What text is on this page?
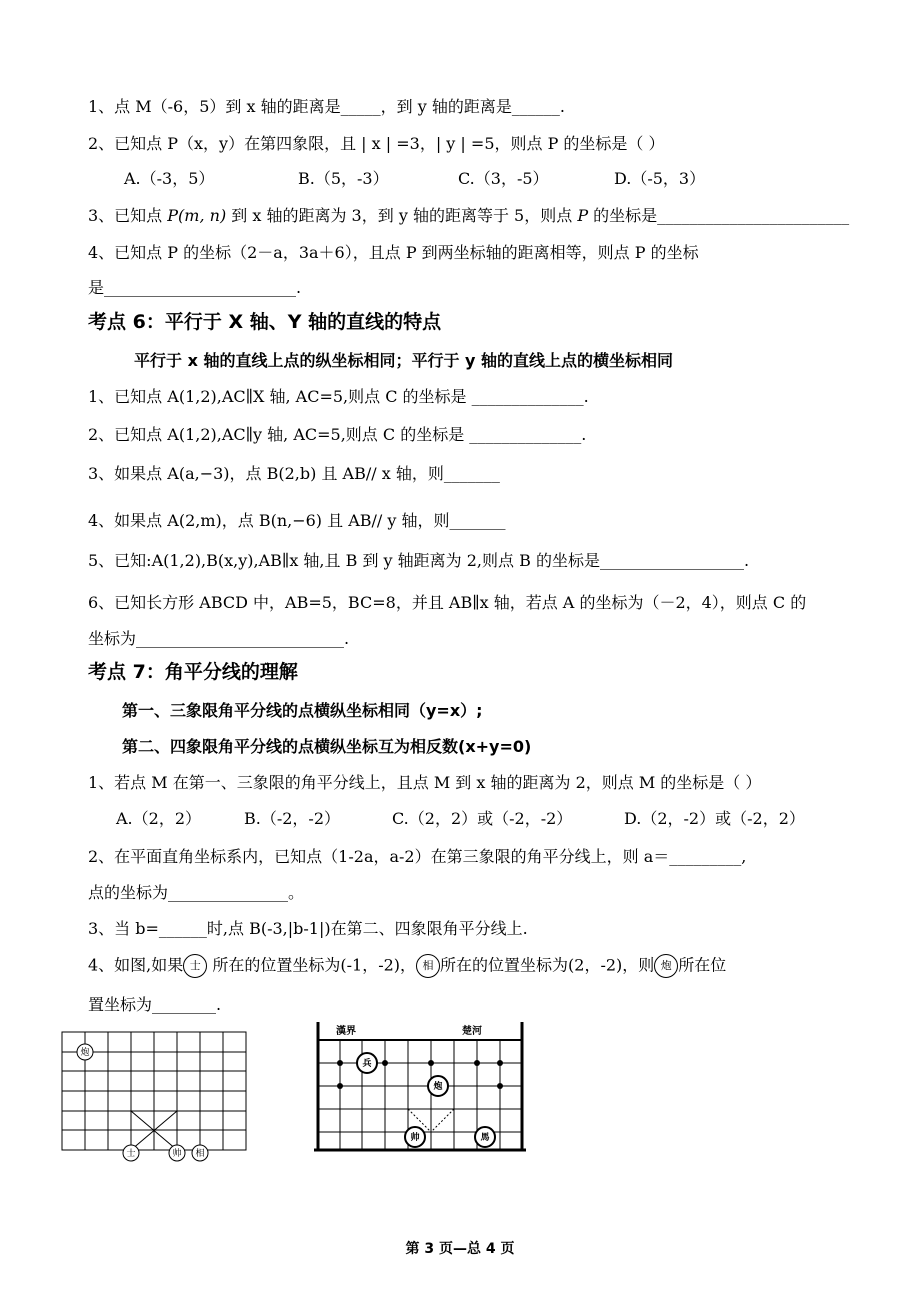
1、点 M（-6，5）到 x 轴的距离是_____，到 y 轴的距离是______.
2、已知点 P（x，y）在第四象限，且 | x | =3，| y | =5，则点 P 的坐标是（ ）
A.（-3，5）	B.（5，-3）	C.（3，-5）	D.（-5，3）
3、已知点 P(m, n) 到 x 轴的距离为 3，到 y 轴的距离等于 5，则点 P 的坐标是________________________
4、已知点 P 的坐标（2－a，3a＋6），且点 P 到两坐标轴的距离相等，则点 P 的坐标
是________________________.
考点 6：平行于 X 轴、Y 轴的直线的特点
平行于 x 轴的直线上点的纵坐标相同；平行于 y 轴的直线上点的横坐标相同
1、已知点 A(1,2),AC∥X 轴, AC=5,则点 C 的坐标是 ______________.
2、已知点 A(1,2),AC∥y 轴, AC=5,则点 C 的坐标是 ______________.
3、如果点 A(a,−3)，点 B(2,b) 且 AB// x 轴，则_______
4、如果点 A(2,m)，点 B(n,−6) 且 AB// y 轴，则_______
5、已知:A(1,2),B(x,y),AB∥x 轴,且 B 到 y 轴距离为 2,则点 B 的坐标是__________________.
6、已知长方形 ABCD 中，AB=5，BC=8，并且 AB∥x 轴，若点 A 的坐标为（－2，4），则点 C 的
坐标为__________________________.
考点 7：角平分线的理解
第一、三象限角平分线的点横纵坐标相同（y=x）;
第二、四象限角平分线的点横纵坐标互为相反数(x+y=0)
1、若点 M 在第一、三象限的角平分线上，且点 M 到 x 轴的距离为 2，则点 M 的坐标是（ ）
A.（2，2）	B.（-2，-2）	C.（2，2）或（-2，-2）	D.（2，-2）或（-2，2）
2、在平面直角坐标系内，已知点（1-2a，a-2）在第三象限的角平分线上，则 a＝_________,
点的坐标为_______________。
3、当 b=______时,点 B(-3,|b-1|)在第二、四象限角平分线上.
4、如图,如果 士 所在的位置坐标为(-1，-2)， 相 所在的位置坐标为(2，-2)，则 炮 所在位
置坐标为________.
炮
士	帅 相
漢界	楚河
兵
炮
帅	馬
第 3 页—总 4 页
